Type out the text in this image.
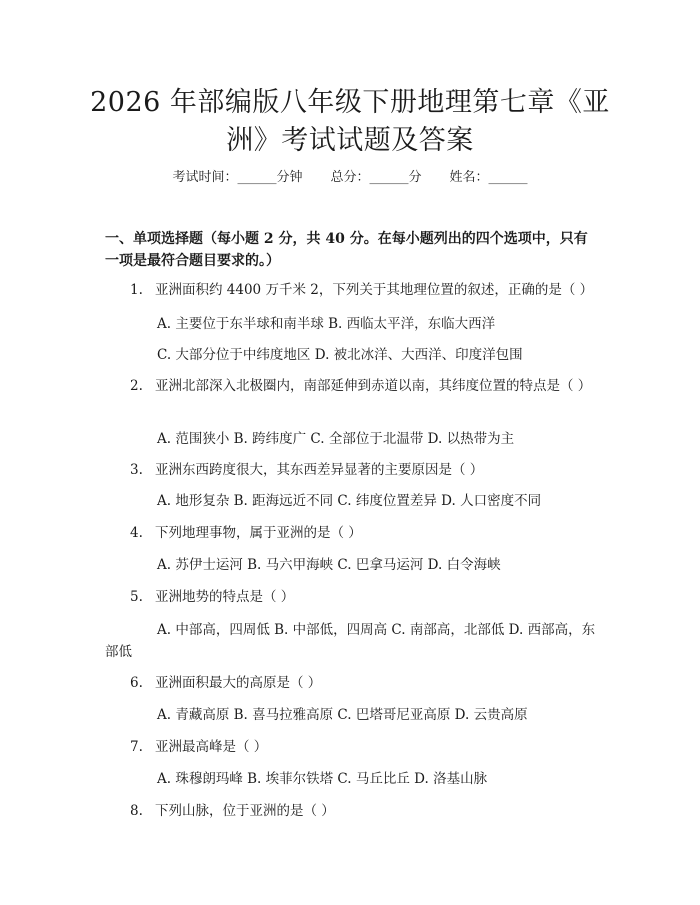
2026 年部编版八年级下册地理第七章《亚
洲》考试试题及答案
考试时间：______分钟 总分：______分 姓名：______

一、单项选择题（每小题 2 分，共 40 分。在每小题列出的四个选项中，只有一项是最符合题目要求的。）

1. 亚洲面积约 4400 万千米 2，下列关于其地理位置的叙述，正确的是（ ）
A. 主要位于东半球和南半球 B. 西临太平洋，东临大西洋
C. 大部分位于中纬度地区 D. 被北冰洋、大西洋、印度洋包围
2. 亚洲北部深入北极圈内，南部延伸到赤道以南，其纬度位置的特点是（ ）
A. 范围狭小 B. 跨纬度广 C. 全部位于北温带 D. 以热带为主
3. 亚洲东西跨度很大，其东西差异显著的主要原因是（ ）
A. 地形复杂 B. 距海远近不同 C. 纬度位置差异 D. 人口密度不同
4. 下列地理事物，属于亚洲的是（ ）
A. 苏伊士运河 B. 马六甲海峡 C. 巴拿马运河 D. 白令海峡
5. 亚洲地势的特点是（ ）
A. 中部高，四周低 B. 中部低，四周高 C. 南部高，北部低 D. 西部高，东部低
6. 亚洲面积最大的高原是（ ）
A. 青藏高原 B. 喜马拉雅高原 C. 巴塔哥尼亚高原 D. 云贵高原
7. 亚洲最高峰是（ ）
A. 珠穆朗玛峰 B. 埃菲尔铁塔 C. 马丘比丘 D. 洛基山脉
8. 下列山脉，位于亚洲的是（ ）
